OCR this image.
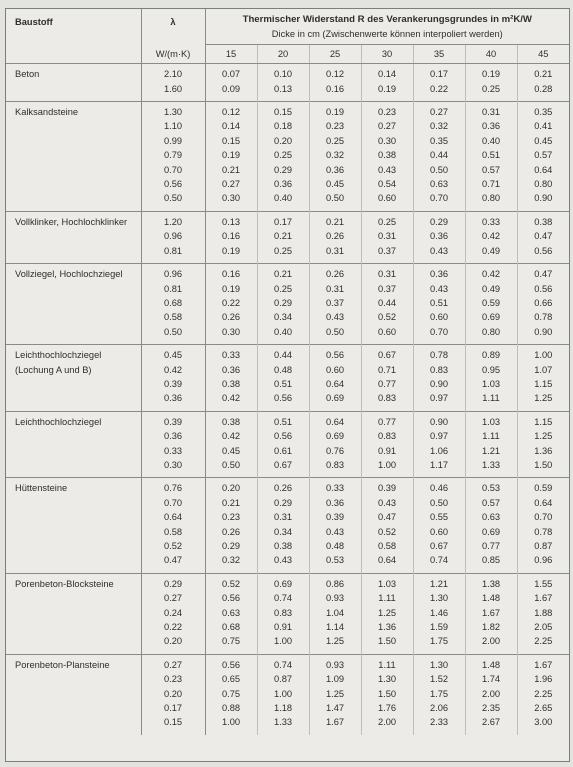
Baustoff	λ	Thermischer Widerstand R des Verankerungsgrundes in m²K/W						
		Dicke in cm (Zwischenwerte können interpoliert werden)						
	W/(m·K)	15	20	25	30	35	40	45
Beton	2.10	0.07	0.10	0.12	0.14	0.17	0.19	0.21
	1.60	0.09	0.13	0.16	0.19	0.22	0.25	0.28
Kalksandsteine	1.30	0.12	0.15	0.19	0.23	0.27	0.31	0.35
	1.10	0.14	0.18	0.23	0.27	0.32	0.36	0.41
	0.99	0.15	0.20	0.25	0.30	0.35	0.40	0.45
	0.79	0.19	0.25	0.32	0.38	0.44	0.51	0.57
	0.70	0.21	0.29	0.36	0.43	0.50	0.57	0.64
	0.56	0.27	0.36	0.45	0.54	0.63	0.71	0.80
	0.50	0.30	0.40	0.50	0.60	0.70	0.80	0.90
Vollklinker, Hochlochklinker	1.20	0.13	0.17	0.21	0.25	0.29	0.33	0.38
	0.96	0.16	0.21	0.26	0.31	0.36	0.42	0.47
	0.81	0.19	0.25	0.31	0.37	0.43	0.49	0.56
Vollziegel, Hochlochziegel	0.96	0.16	0.21	0.26	0.31	0.36	0.42	0.47
	0.81	0.19	0.25	0.31	0.37	0.43	0.49	0.56
	0.68	0.22	0.29	0.37	0.44	0.51	0.59	0.66
	0.58	0.26	0.34	0.43	0.52	0.60	0.69	0.78
	0.50	0.30	0.40	0.50	0.60	0.70	0.80	0.90
Leichthochlochziegel	0.45	0.33	0.44	0.56	0.67	0.78	0.89	1.00
(Lochung A und B)	0.42	0.36	0.48	0.60	0.71	0.83	0.95	1.07
	0.39	0.38	0.51	0.64	0.77	0.90	1.03	1.15
	0.36	0.42	0.56	0.69	0.83	0.97	1.11	1.25
Leichthochlochziegel	0.39	0.38	0.51	0.64	0.77	0.90	1.03	1.15
	0.36	0.42	0.56	0.69	0.83	0.97	1.11	1.25
	0.33	0.45	0.61	0.76	0.91	1.06	1.21	1.36
	0.30	0.50	0.67	0.83	1.00	1.17	1.33	1.50
Hüttensteine	0.76	0.20	0.26	0.33	0.39	0.46	0.53	0.59
	0.70	0.21	0.29	0.36	0.43	0.50	0.57	0.64
	0.64	0.23	0.31	0.39	0.47	0.55	0.63	0.70
	0.58	0.26	0.34	0.43	0.52	0.60	0.69	0.78
	0.52	0.29	0.38	0.48	0.58	0.67	0.77	0.87
	0.47	0.32	0.43	0.53	0.64	0.74	0.85	0.96
Porenbeton-Blocksteine	0.29	0.52	0.69	0.86	1.03	1.21	1.38	1.55
	0.27	0.56	0.74	0.93	1.11	1.30	1.48	1.67
	0.24	0.63	0.83	1.04	1.25	1.46	1.67	1.88
	0.22	0.68	0.91	1.14	1.36	1.59	1.82	2.05
	0.20	0.75	1.00	1.25	1.50	1.75	2.00	2.25
Porenbeton-Plansteine	0.27	0.56	0.74	0.93	1.11	1.30	1.48	1.67
	0.23	0.65	0.87	1.09	1.30	1.52	1.74	1.96
	0.20	0.75	1.00	1.25	1.50	1.75	2.00	2.25
	0.17	0.88	1.18	1.47	1.76	2.06	2.35	2.65
	0.15	1.00	1.33	1.67	2.00	2.33	2.67	3.00
